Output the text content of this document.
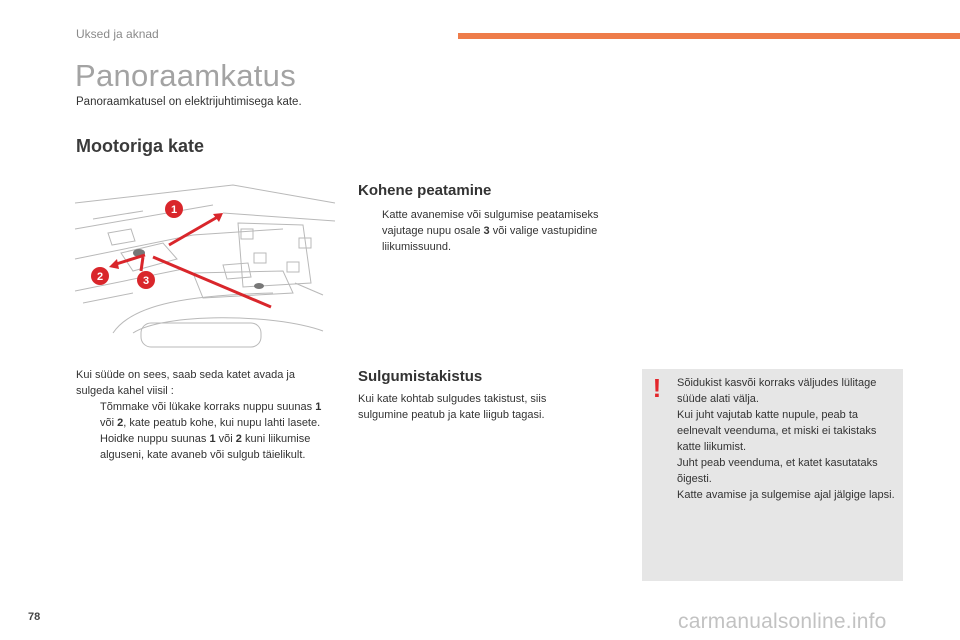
Uksed ja aknad
Panoraamkatus
Panoraamkatusel on elektrijuhtimisega kate.
Mootoriga kate
1
2	3
Kui süüde on sees, saab seda katet avada ja sulgeda kahel viisil :
Tõmmake või lükake korraks nuppu suunas 1 või 2, kate peatub kohe, kui nupu lahti lasete.
Hoidke nuppu suunas 1 või 2 kuni liikumise alguseni, kate avaneb või sulgub täielikult.
Kohene peatamine
Katte avanemise või sulgumise peatamiseks vajutage nupu osale 3 või valige vastupidine liikumissuund.
Sulgumistakistus
Kui kate kohtab sulgudes takistust, siis sulgumine peatub ja kate liigub tagasi.
! Sõidukist kasvõi korraks väljudes lülitage süüde alati välja.
Kui juht vajutab katte nupule, peab ta eelnevalt veenduma, et miski ei takistaks katte liikumist.
Juht peab veenduma, et katet kasutataks õigesti.
Katte avamise ja sulgemise ajal jälgige lapsi.
78	carmanualsonline.info
